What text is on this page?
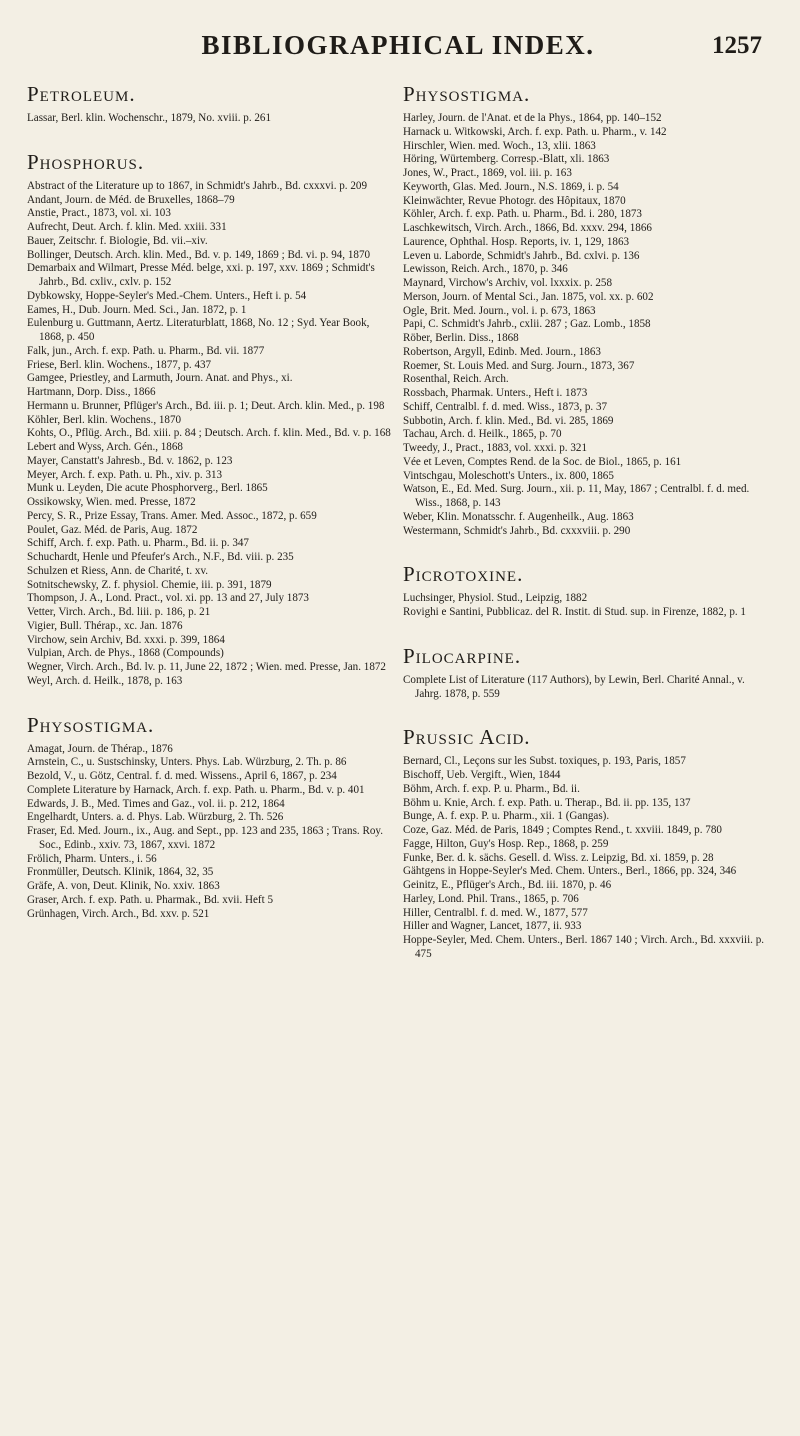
BIBLIOGRAPHICAL INDEX.	1257
Petroleum.
Lassar, Berl. klin. Wochenschr., 1879, No. xviii. p. 261
Phosphorus.
Abstract of the Literature up to 1867, in Schmidt's Jahrb., Bd. cxxxvi. p. 209
Andant, Journ. de Méd. de Bruxelles, 1868–79
Anstie, Pract., 1873, vol. xi. 103
Aufrecht, Deut. Arch. f. klin. Med. xxiii. 331
Bauer, Zeitschr. f. Biologie, Bd. vii.–xiv.
Bollinger, Deutsch. Arch. klin. Med., Bd. v. p. 149, 1869 ; Bd. vi. p. 94, 1870
Demarbaix and Wilmart, Presse Méd. belge, xxi. p. 197, xxv. 1869 ; Schmidt's Jahrb., Bd. cxliv., cxlv. p. 152
Dybkowsky, Hoppe-Seyler's Med.-Chem. Unters., Heft i. p. 54
Eames, H., Dub. Journ. Med. Sci., Jan. 1872, p. 1
Eulenburg u. Guttmann, Aertz. Literaturblatt, 1868, No. 12 ; Syd. Year Book, 1868, p. 450
Falk, jun., Arch. f. exp. Path. u. Pharm., Bd. vii. 1877
Friese, Berl. klin. Wochens., 1877, p. 437
Gamgee, Priestley, and Larmuth, Journ. Anat. and Phys., xi.
Hartmann, Dorp. Diss., 1866
Hermann u. Brunner, Pflüger's Arch., Bd. iii. p. 1; Deut. Arch. klin. Med., p. 198
Köhler, Berl. klin. Wochens., 1870
Kohts, O., Pflüg. Arch., Bd. xiii. p. 84 ; Deutsch. Arch. f. klin. Med., Bd. v. p. 168
Lebert and Wyss, Arch. Gén., 1868
Mayer, Canstatt's Jahresb., Bd. v. 1862, p. 123
Meyer, Arch. f. exp. Path. u. Ph., xiv. p. 313
Munk u. Leyden, Die acute Phosphorverg., Berl. 1865
Ossikowsky, Wien. med. Presse, 1872
Percy, S. R., Prize Essay, Trans. Amer. Med. Assoc., 1872, p. 659
Poulet, Gaz. Méd. de Paris, Aug. 1872
Schiff, Arch. f. exp. Path. u. Pharm., Bd. ii. p. 347
Schuchardt, Henle und Pfeufer's Arch., N.F., Bd. viii. p. 235
Schulzen et Riess, Ann. de Charité, t. xv.
Sotnitschewsky, Z. f. physiol. Chemie, iii. p. 391, 1879
Thompson, J. A., Lond. Pract., vol. xi. pp. 13 and 27, July 1873
Vetter, Virch. Arch., Bd. liii. p. 186, p. 21
Vigier, Bull. Thérap., xc. Jan. 1876
Virchow, sein Archiv, Bd. xxxi. p. 399, 1864
Vulpian, Arch. de Phys., 1868 (Compounds)
Wegner, Virch. Arch., Bd. lv. p. 11, June 22, 1872 ; Wien. med. Presse, Jan. 1872
Weyl, Arch. d. Heilk., 1878, p. 163
Physostigma.
Amagat, Journ. de Thérap., 1876
Arnstein, C., u. Sustschinsky, Unters. Phys. Lab. Würzburg, 2. Th. p. 86
Bezold, V., u. Götz, Central. f. d. med. Wissens., April 6, 1867, p. 234
Complete Literature by Harnack, Arch. f. exp. Path. u. Pharm., Bd. v. p. 401
Edwards, J. B., Med. Times and Gaz., vol. ii. p. 212, 1864
Engelhardt, Unters. a. d. Phys. Lab. Würzburg, 2. Th. 526
Fraser, Ed. Med. Journ., ix., Aug. and Sept., pp. 123 and 235, 1863 ; Trans. Roy. Soc., Edinb., xxiv. 73, 1867, xxvi. 1872
Frölich, Pharm. Unters., i. 56
Fronmüller, Deutsch. Klinik, 1864, 32, 35
Gräfe, A. von, Deut. Klinik, No. xxiv. 1863
Graser, Arch. f. exp. Path. u. Pharmak., Bd. xvii. Heft 5
Grünhagen, Virch. Arch., Bd. xxv. p. 521
Physostigma.
Harley, Journ. de l'Anat. et de la Phys., 1864, pp. 140–152
Harnack u. Witkowski, Arch. f. exp. Path. u. Pharm., v. 142
Hirschler, Wien. med. Woch., 13, xlii. 1863
Höring, Würtemberg. Corresp.-Blatt, xli. 1863
Jones, W., Pract., 1869, vol. iii. p. 163
Keyworth, Glas. Med. Journ., N.S. 1869, i. p. 54
Kleinwächter, Revue Photogr. des Hôpitaux, 1870
Köhler, Arch. f. exp. Path. u. Pharm., Bd. i. 280, 1873
Laschkewitsch, Virch. Arch., 1866, Bd. xxxv. 294, 1866
Laurence, Ophthal. Hosp. Reports, iv. 1, 129, 1863
Leven u. Laborde, Schmidt's Jahrb., Bd. cxlvi. p. 136
Lewisson, Reich. Arch., 1870, p. 346
Maynard, Virchow's Archiv, vol. lxxxix. p. 258
Merson, Journ. of Mental Sci., Jan. 1875, vol. xx. p. 602
Ogle, Brit. Med. Journ., vol. i. p. 673, 1863
Papi, C. Schmidt's Jahrb., cxlii. 287 ; Gaz. Lomb., 1858
Röber, Berlin. Diss., 1868
Robertson, Argyll, Edinb. Med. Journ., 1863
Roemer, St. Louis Med. and Surg. Journ., 1873, 367
Rosenthal, Reich. Arch.
Rossbach, Pharmak. Unters., Heft i. 1873
Schiff, Centralbl. f. d. med. Wiss., 1873, p. 37
Subbotin, Arch. f. klin. Med., Bd. vi. 285, 1869
Tachau, Arch. d. Heilk., 1865, p. 70
Tweedy, J., Pract., 1883, vol. xxxi. p. 321
Vée et Leven, Comptes Rend. de la Soc. de Biol., 1865, p. 161
Vintschgau, Moleschott's Unters., ix. 800, 1865
Watson, E., Ed. Med. Surg. Journ., xii. p. 11, May, 1867 ; Centralbl. f. d. med. Wiss., 1868, p. 143
Weber, Klin. Monatsschr. f. Augenheilk., Aug. 1863
Westermann, Schmidt's Jahrb., Bd. cxxxviii. p. 290
Picrotoxine.
Luchsinger, Physiol. Stud., Leipzig, 1882
Rovighi e Santini, Pubblicaz. del R. Instit. di Stud. sup. in Firenze, 1882, p. 1
Pilocarpine.
Complete List of Literature (117 Authors), by Lewin, Berl. Charité Annal., v. Jahrg. 1878, p. 559
Prussic Acid.
Bernard, Cl., Leçons sur les Subst. toxiques, p. 193, Paris, 1857
Bischoff, Ueb. Vergift., Wien, 1844
Böhm, Arch. f. exp. P. u. Pharm., Bd. ii.
Böhm u. Knie, Arch. f. exp. Path. u. Therap., Bd. ii. pp. 135, 137
Bunge, A. f. exp. P. u. Pharm., xii. 1 (Gangas).
Coze, Gaz. Méd. de Paris, 1849 ; Comptes Rend., t. xxviii. 1849, p. 780
Fagge, Hilton, Guy's Hosp. Rep., 1868, p. 259
Funke, Ber. d. k. sächs. Gesell. d. Wiss. z. Leipzig, Bd. xi. 1859, p. 28
Gähtgens in Hoppe-Seyler's Med. Chem. Unters., Berl., 1866, pp. 324, 346
Geinitz, E., Pflüger's Arch., Bd. iii. 1870, p. 46
Harley, Lond. Phil. Trans., 1865, p. 706
Hiller, Centralbl. f. d. med. W., 1877, 577
Hiller and Wagner, Lancet, 1877, ii. 933
Hoppe-Seyler, Med. Chem. Unters., Berl. 1867 140 ; Virch. Arch., Bd. xxxviii. p. 475
